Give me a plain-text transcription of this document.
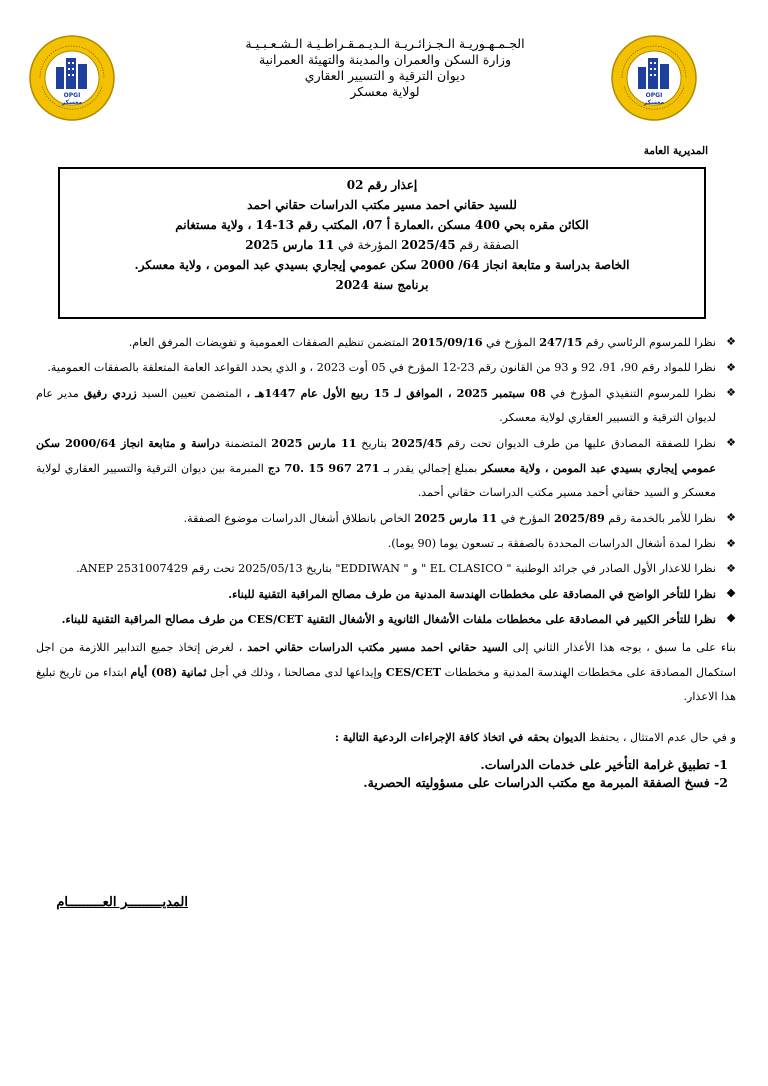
OPGI
معسكر
OPGI
معسكر
الجـمـهـوريـة الـجـزائـريـة الـديـمـقـراطـيـة الـشـعـبـيـة
وزارة السكن والعمران والمدينة والتهيئة العمرانية
ديوان الترقية و التسيير العقاري
لولاية معسكر
المديرية العامة
إعذار رقم 02
للسيد حقاني احمد مسير مكتب الدراسات حقاني احمد
الكائن مقره بحي 400 مسكن ،العمارة أ 07، المكتب رقم 13-14 ، ولاية مستغانم
الصفقة رقم 2025/45 المؤرخة في 11 مارس 2025
الخاصة بدراسة و متابعة انجاز 64/ 2000 سكن عمومي إيجاري بسيدي عبد المومن ، ولاية معسكر.
برنامج سنة 2024
❖
نظرا للمرسوم الرئاسي رقم 247/15 المؤرخ في 2015/09/16 المتضمن تنظيم الصفقات العمومية و تفويضات المرفق العام.
❖
نظرا للمواد رقم 90، 91، 92 و 93 من القانون رقم 23-12 المؤرخ في 05 أوت 2023 ، و الذي يحدد القواعد العامة المتعلقة بالصفقات العمومية.
❖
نظرا للمرسوم التنفيذي المؤرخ في 08 سبتمبر 2025 ، الموافق لـ 15 ربيع الأول عام 1447هـ ، المتضمن تعيين السيد زردي رفيق مدير عام لديوان الترقية و التسيير العقاري لولاية معسكر.
❖
نظرا للصفقة المصادق عليها من طرف الديوان تحت رقم 2025/45 بتاريخ 11 مارس 2025 المتضمنة دراسة و متابعة انجاز 2000/64 سكن عمومي إيجاري بسيدي عبد المومن ، ولاية معسكر بمبلغ إجمالي يقدر بـ 271 967 15 .70 دج المبرمة بين ديوان الترقية والتسيير العقاري لولاية معسكر و السيد حقاني أحمد مسير مكتب الدراسات حقاني أحمد.
❖
نظرا للأمر بالخدمة رقم 2025/89 المؤرخ في 11 مارس 2025 الخاص بانطلاق أشغال الدراسات موضوع الصفقة.
❖
نظرا لمدة أشغال الدراسات المحددة بالصفقة بـ تسعون يوما (90 يوما).
❖
نظرا للاعذار الأول الصادر في جرائد الوطنية " EL CLASICO " و " EDDIWAN" بتاريخ 2025/05/13 تحت رقم ANEP 2531007429.
❖
نظرا للتأخر الواضح في المصادقة على مخططات الهندسة المدنية من طرف مصالح المراقبة التقنية للبناء.
❖
نظرا للتأخر الكبير في المصادقة على مخططات ملفات الأشغال الثانوية و الأشغال التقنية CES/CET من طرف مصالح المراقبة التقنية للبناء.

بناء على ما سبق ، يوجه هذا الأعذار الثاني إلى السيد حقاني احمد مسير مكتب الدراسات حقاني احمد ، لغرض إتخاذ جميع التدابير اللازمة من اجل استكمال المصادقة على مخططات الهندسة المدنية و مخططات CES/CET وإيداعها لدى مصالحنا ، وذلك في أجل ثمانية (08) أيام ابتداء من تاريخ تبليغ هذا الاعذار.

و في حال عدم الامتثال ، يحتفظ الديوان بحقه في اتخاذ كافة الإجراءات الردعية التالية :
1- تطبيق غرامة التأخير على خدمات الدراسات.
2- فسخ الصفقة المبرمة مع مكتب الدراسات على مسؤوليته الحصرية.
المديـــــــــر العـــــــــام
